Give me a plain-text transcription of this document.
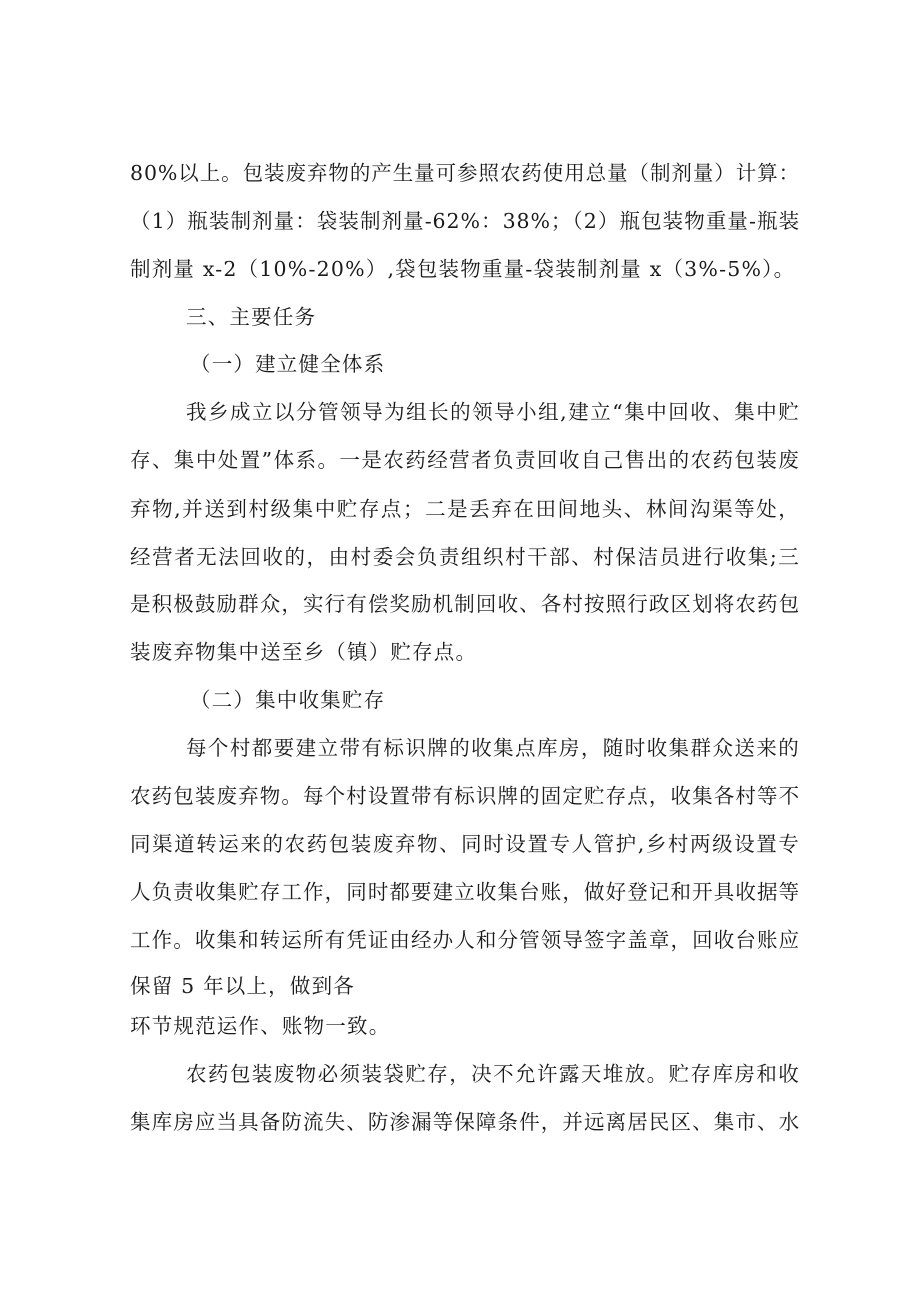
80%以上。包装废弃物的产生量可参照农药使用总量（制剂量）计算：
（1）瓶装制剂量：袋装制剂量-62%：38%；（2）瓶包装物重量-瓶装
制剂量 x-2（10%-20%）,袋包装物重量-袋装制剂量 x（3%-5%）。
三、主要任务
（一）建立健全体系
我乡成立以分管领导为组长的领导小组,建立“集中回收、集中贮
存、集中处置”体系。一是农药经营者负责回收自己售出的农药包装废
弃物,并送到村级集中贮存点；二是丢弃在田间地头、林间沟渠等处，
经营者无法回收的，由村委会负责组织村干部、村保洁员进行收集;三
是积极鼓励群众，实行有偿奖励机制回收、各村按照行政区划将农药包
装废弃物集中送至乡（镇）贮存点。
（二）集中收集贮存
每个村都要建立带有标识牌的收集点库房，随时收集群众送来的
农药包装废弃物。每个村设置带有标识牌的固定贮存点，收集各村等不
同渠道转运来的农药包装废弃物、同时设置专人管护,乡村两级设置专
人负责收集贮存工作，同时都要建立收集台账，做好登记和开具收据等
工作。收集和转运所有凭证由经办人和分管领导签字盖章，回收台账应
保留 5 年以上，做到各
环节规范运作、账物一致。
农药包装废物必须装袋贮存，决不允许露天堆放。贮存库房和收
集库房应当具备防流失、防渗漏等保障条件，并远离居民区、集市、水
